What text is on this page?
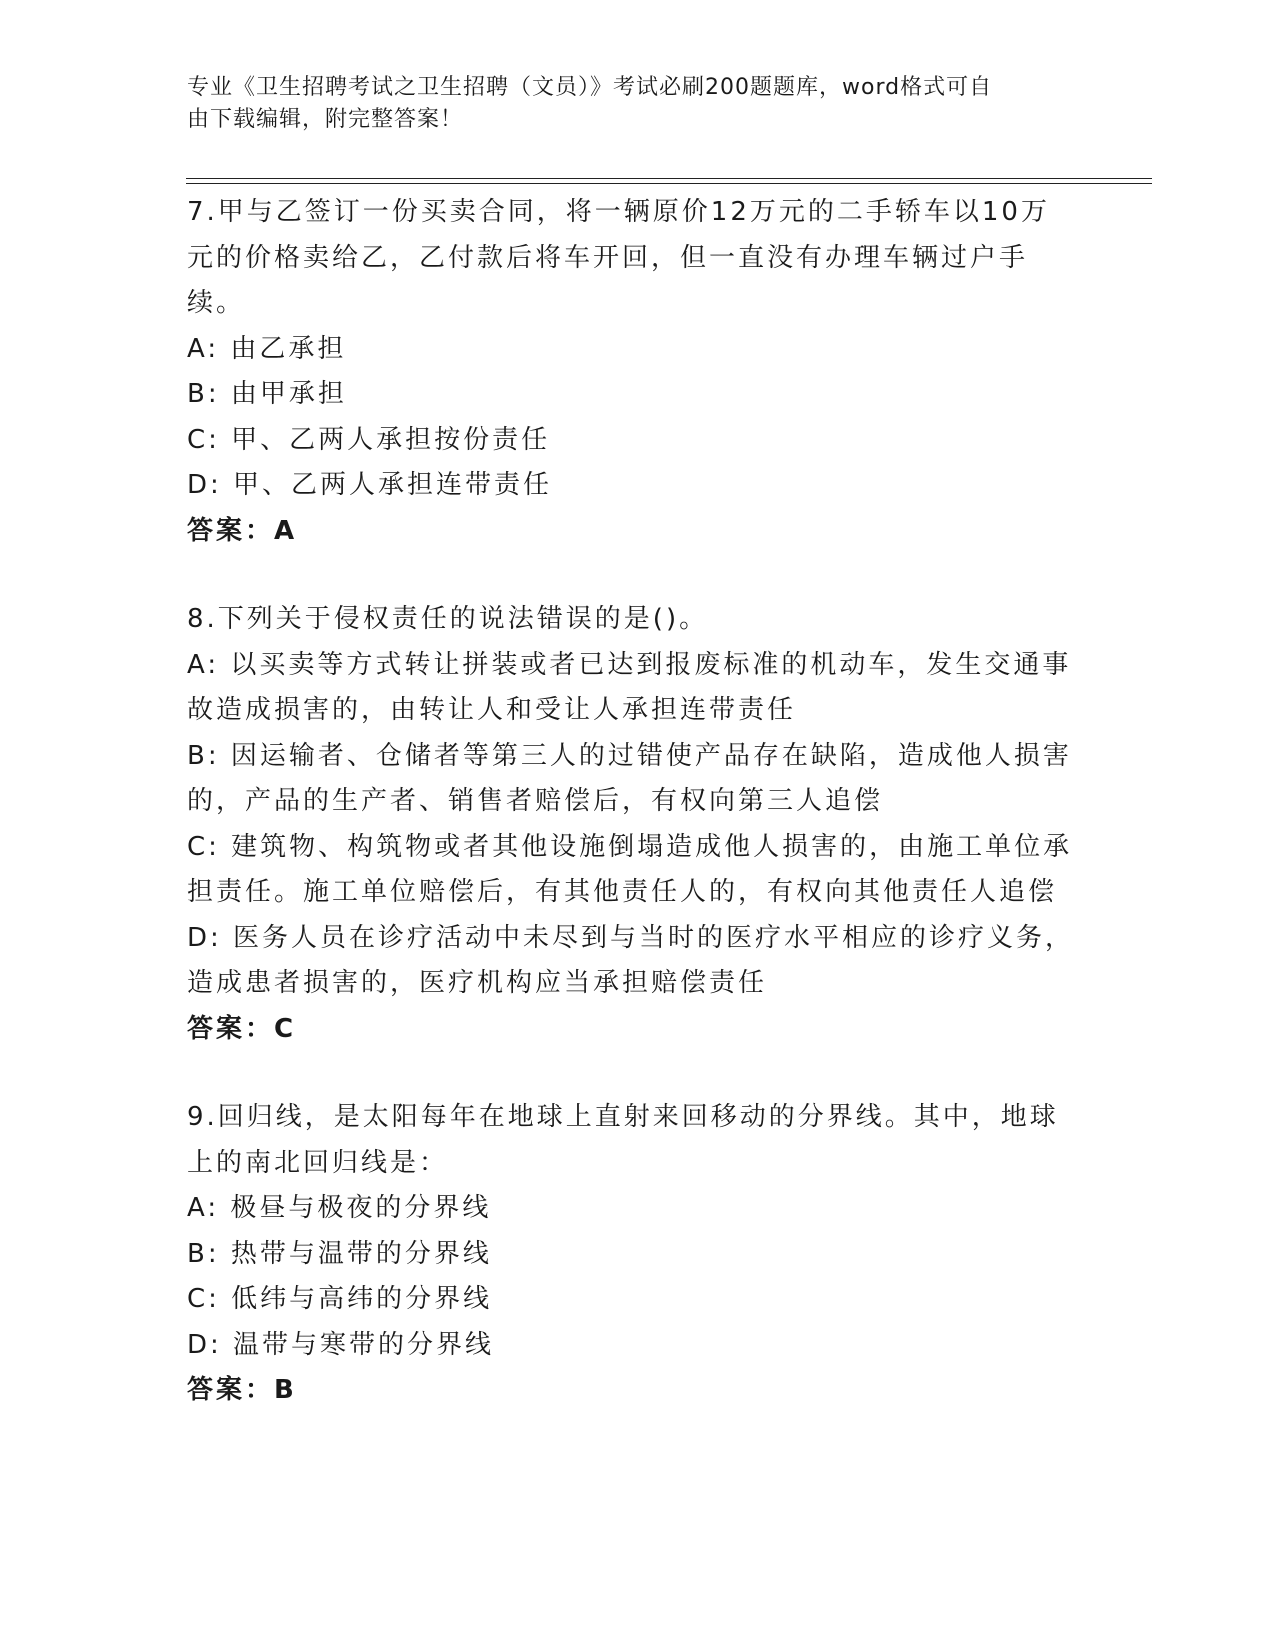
专业《卫生招聘考试之卫生招聘（文员）》考试必刷200题题库，word格式可自
由下载编辑，附完整答案！

7.甲与乙签订一份买卖合同，将一辆原价12万元的二手轿车以10万元的价格卖给乙，乙付款后将车开回，但一直没有办理车辆过户手续。

A: 由乙承担

B: 由甲承担

C: 甲、乙两人承担按份责任

D: 甲、乙两人承担连带责任

答案：A

8.下列关于侵权责任的说法错误的是()。

A: 以买卖等方式转让拼装或者已达到报废标准的机动车，发生交通事故造成损害的，由转让人和受让人承担连带责任

B: 因运输者、仓储者等第三人的过错使产品存在缺陷，造成他人损害的，产品的生产者、销售者赔偿后，有权向第三人追偿

C: 建筑物、构筑物或者其他设施倒塌造成他人损害的，由施工单位承担责任。施工单位赔偿后，有其他责任人的，有权向其他责任人追偿

D: 医务人员在诊疗活动中未尽到与当时的医疗水平相应的诊疗义务，造成患者损害的，医疗机构应当承担赔偿责任

答案：C

9.回归线，是太阳每年在地球上直射来回移动的分界线。其中，地球上的南北回归线是：

A: 极昼与极夜的分界线

B: 热带与温带的分界线

C: 低纬与高纬的分界线

D: 温带与寒带的分界线

答案：B
